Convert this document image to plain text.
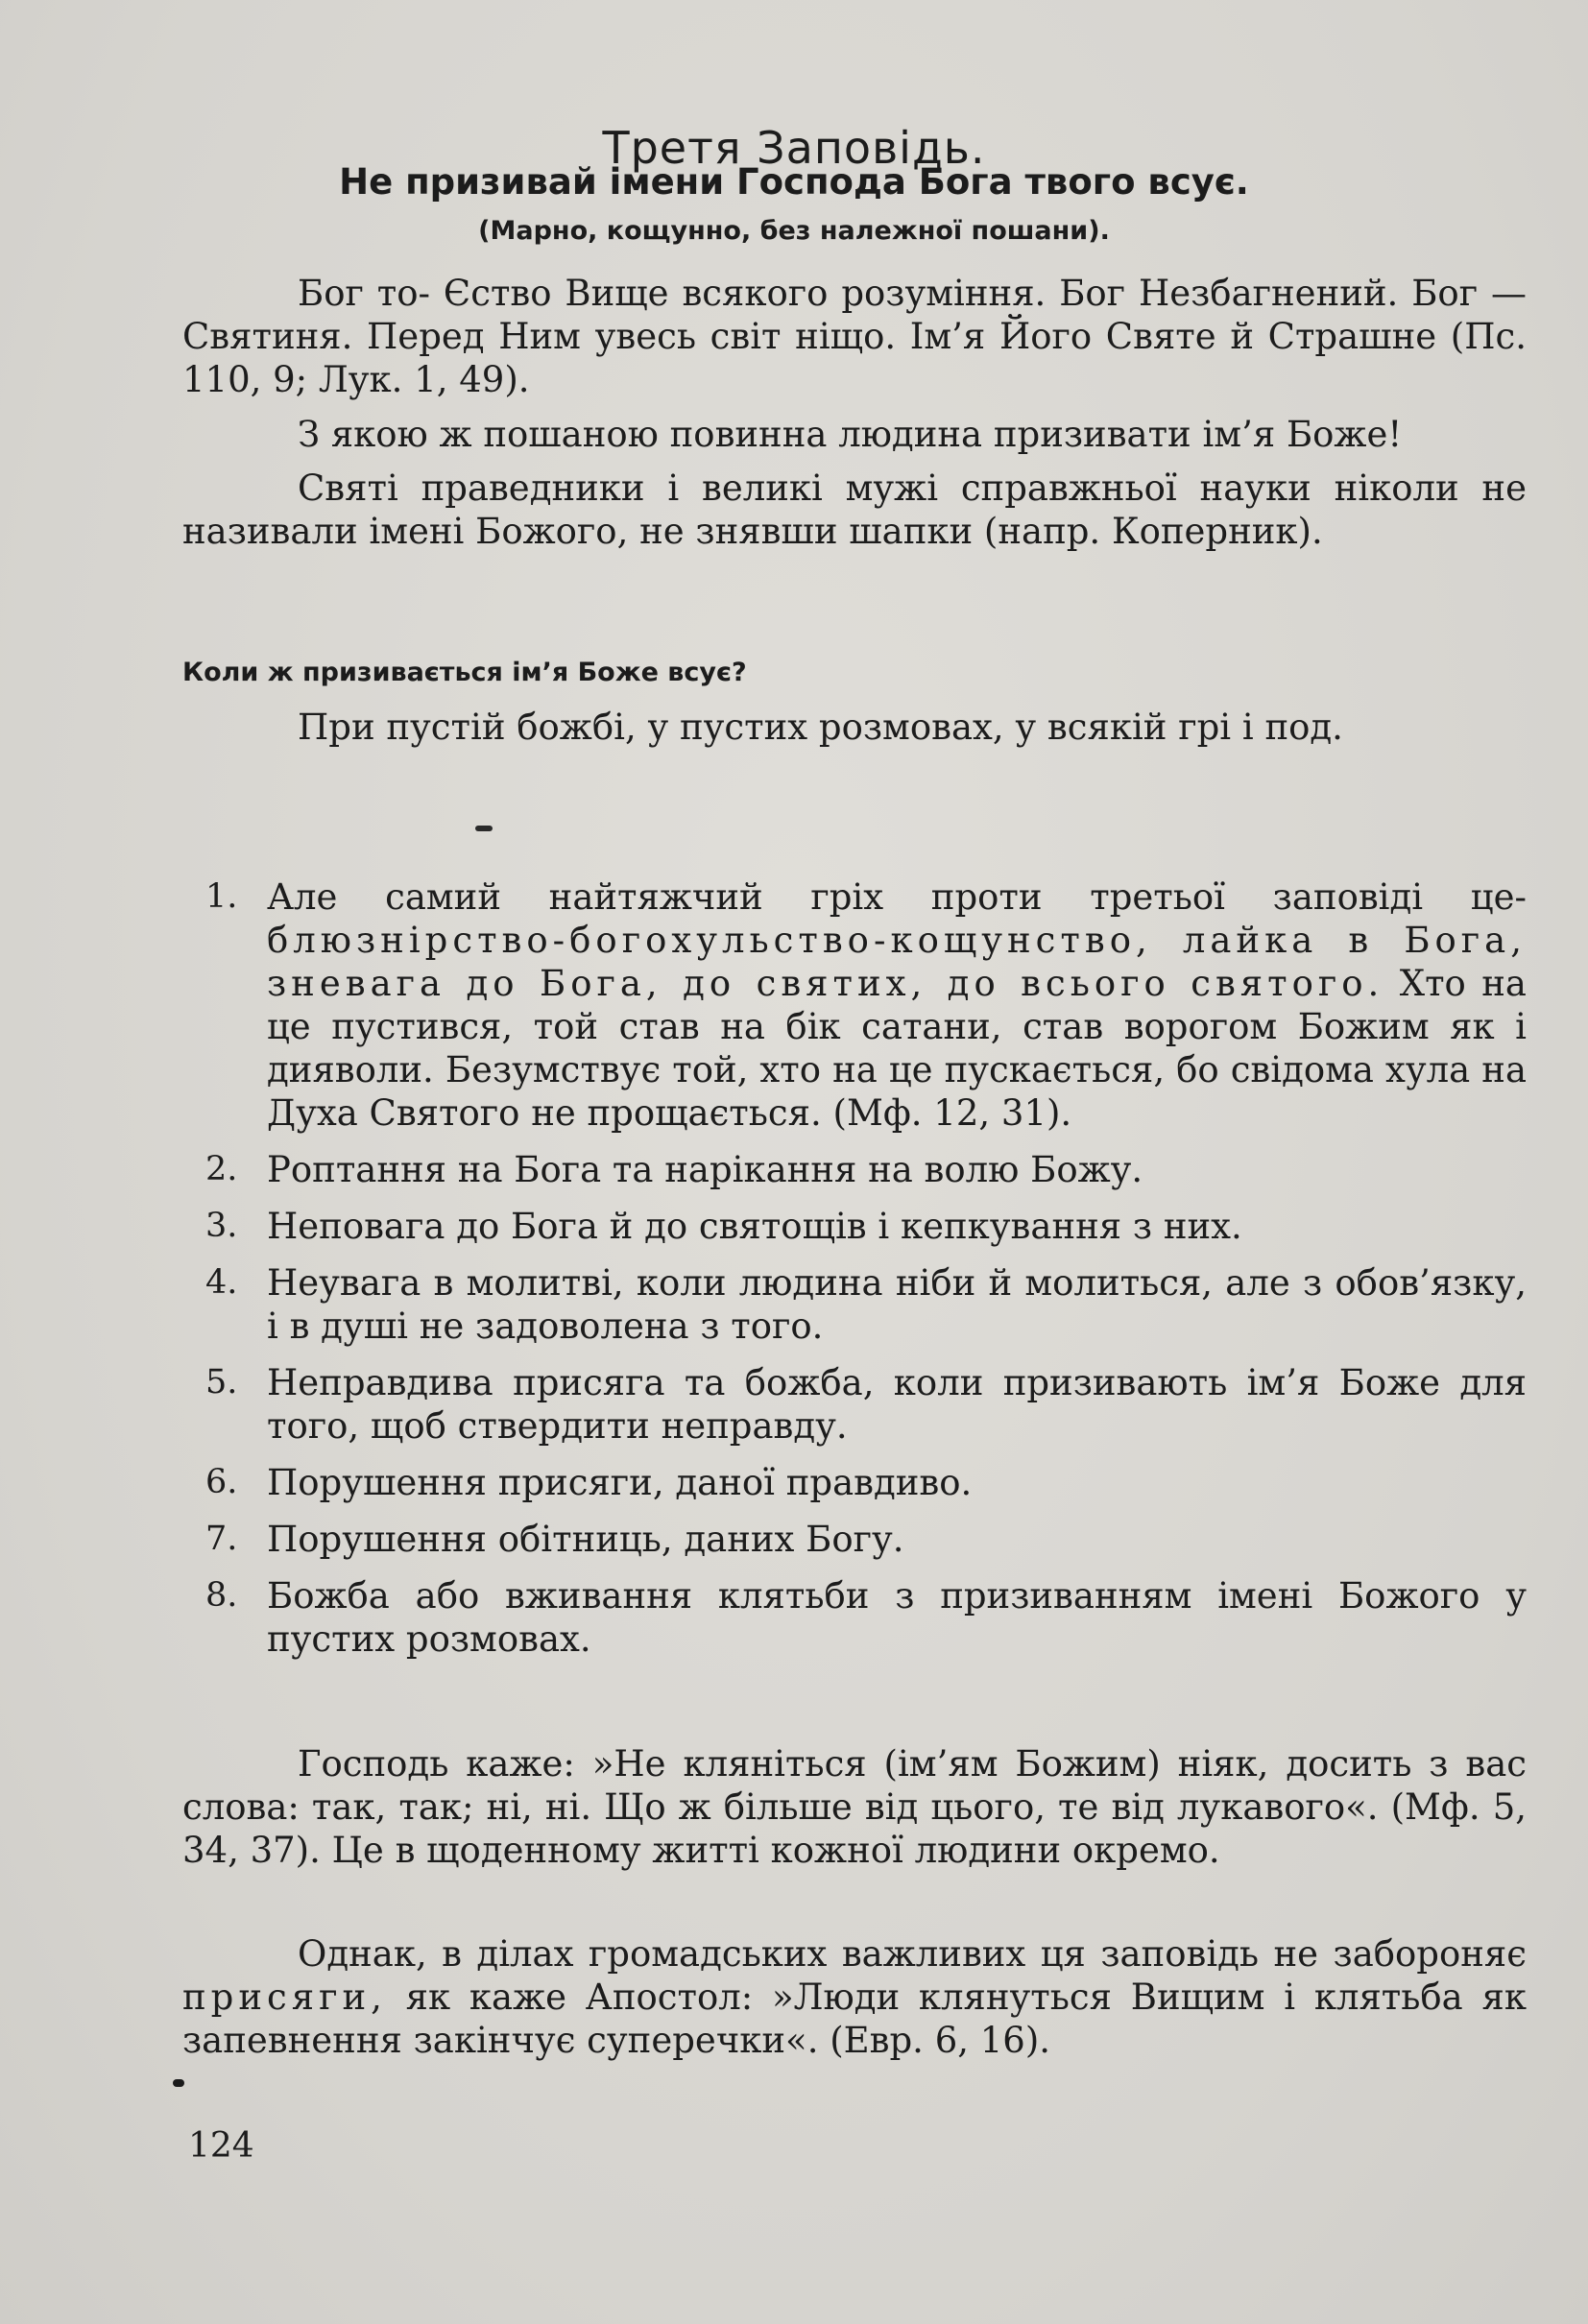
Третя Заповідь.
Не призивай імени Господа Бога твого всує.
(Марно, кощунно, без належної пошани).

Бог то- Єство Вище всякого розуміння. Бог Незбагнений. Бог — Святиня. Перед Ним увесь світ ніщо. Ім’я Його Святе й Страшне (Пс. 110, 9; Лук. 1, 49).

З якою ж пошаною повинна людина призивати ім’я Боже!

Святі праведники і великі мужі справжньої науки ніколи не називали імені Божого, не знявши шапки (напр. Коперник).

Коли ж призивається ім’я Боже всує?

При пустій божбі, у пустих розмовах, у всякій грі і под.

1. Але самий найтяжчий гріх проти третьої заповіді це- блюзнірство-богохульство-кощунство, лайка в Бога, зневага до Бога, до святих, до всього святого. Хто на це пустився, той став на бік сатани, став ворогом Божим як і дияволи. Безумствує той, хто на це пускається, бо свідома хула на Духа Святого не прощається. (Мф. 12, 31).
2. Роптання на Бога та нарікання на волю Божу.
3. Неповага до Бога й до святощів і кепкування з них.
4. Неувага в молитві, коли людина ніби й молиться, але з обов’язку, і в душі не задоволена з того.
5. Неправдива присяга та божба, коли призивають ім’я Боже для того, щоб ствердити неправду.
6. Порушення присяги, даної правдиво.
7. Порушення обітниць, даних Богу.
8. Божба або вживання клятьби з призиванням імені Божого у пустих розмовах.

Господь каже: »Не кляніться (ім’ям Божим) ніяк, досить з вас слова: так, так; ні, ні. Що ж більше від цього, те від лукавого«. (Мф. 5, 34, 37). Це в щоденному житті кожної людини окремо.

Однак, в ділах громадських важливих ця заповідь не забороняє присяги, як каже Апостол: »Люди клянуться Вищим і клятьба як запевнення закінчує суперечки«. (Евр. 6, 16).

124
